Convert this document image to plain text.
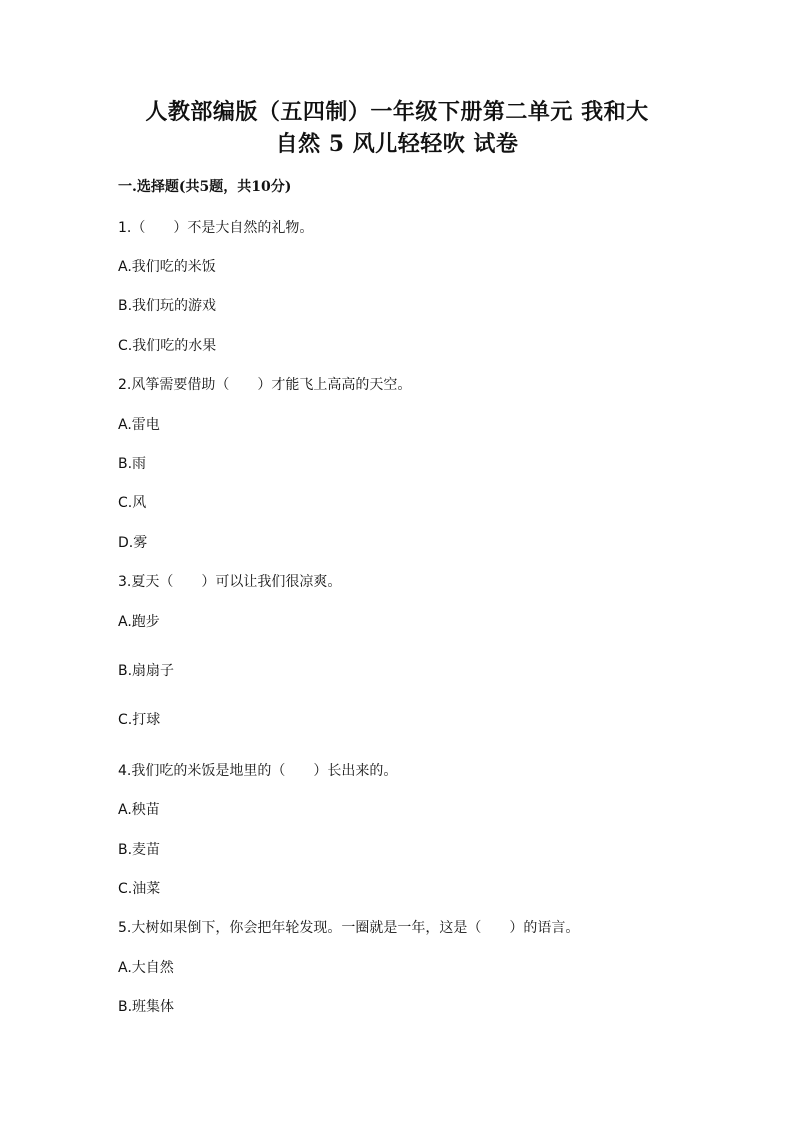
人教部编版（五四制）一年级下册第二单元 我和大
自然 5 风儿轻轻吹 试卷
一.选择题(共5题，共10分)
1.（　　）不是大自然的礼物。
A.我们吃的米饭
B.我们玩的游戏
C.我们吃的水果
2.风筝需要借助（　　）才能飞上高高的天空。
A.雷电
B.雨
C.风
D.雾
3.夏天（　　）可以让我们很凉爽。
A.跑步
B.扇扇子
C.打球
4.我们吃的米饭是地里的（　　）长出来的。
A.秧苗
B.麦苗
C.油菜
5.大树如果倒下，你会把年轮发现。一圈就是一年，这是（　　）的语言。
A.大自然
B.班集体
